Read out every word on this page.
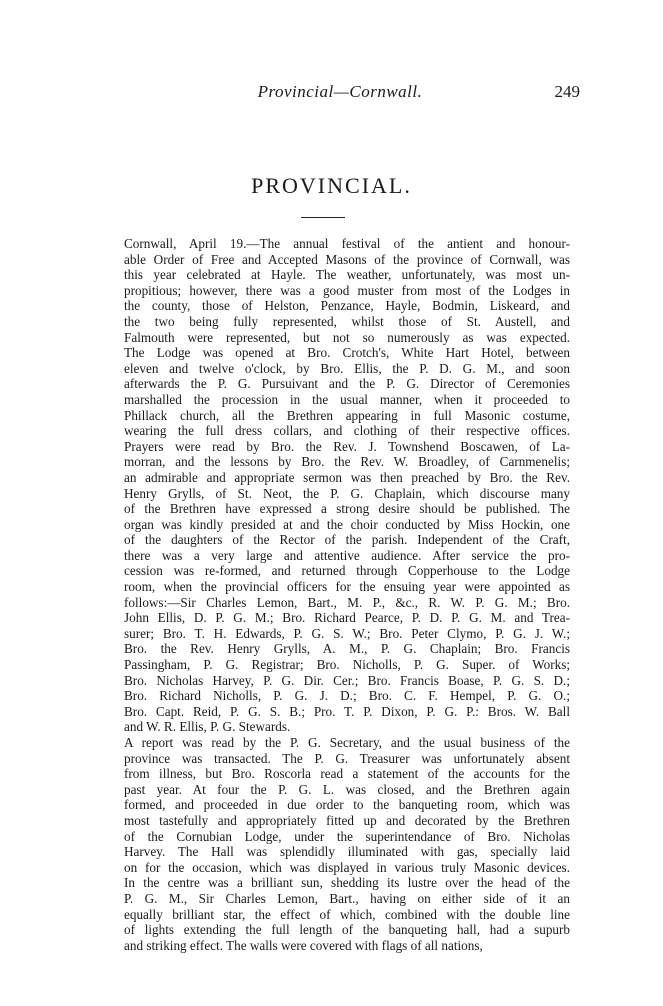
Provincial—Cornwall.	249
PROVINCIAL.
Cornwall, April 19.—The annual festival of the antient and honour-
able Order of Free and Accepted Masons of the province of Cornwall, was
this year celebrated at Hayle. The weather, unfortunately, was most un-
propitious; however, there was a good muster from most of the Lodges in
the county, those of Helston, Penzance, Hayle, Bodmin, Liskeard, and
the two being fully represented, whilst those of St. Austell, and
Falmouth were represented, but not so numerously as was expected.
The Lodge was opened at Bro. Crotch's, White Hart Hotel, between
eleven and twelve o'clock, by Bro. Ellis, the P. D. G. M., and soon
afterwards the P. G. Pursuivant and the P. G. Director of Ceremonies
marshalled the procession in the usual manner, when it proceeded to
Phillack church, all the Brethren appearing in full Masonic costume,
wearing the full dress collars, and clothing of their respective offices.
Prayers were read by Bro. the Rev. J. Townshend Boscawen, of La-
morran, and the lessons by Bro. the Rev. W. Broadley, of Carnmenelis;
an admirable and appropriate sermon was then preached by Bro. the Rev.
Henry Grylls, of St. Neot, the P. G. Chaplain, which discourse many
of the Brethren have expressed a strong desire should be published. The
organ was kindly presided at and the choir conducted by Miss Hockin, one
of the daughters of the Rector of the parish. Independent of the Craft,
there was a very large and attentive audience. After service the pro-
cession was re-formed, and returned through Copperhouse to the Lodge
room, when the provincial officers for the ensuing year were appointed as
follows:—Sir Charles Lemon, Bart., M. P., &c., R. W. P. G. M.; Bro.
John Ellis, D. P. G. M.; Bro. Richard Pearce, P. D. P. G. M. and Trea-
surer; Bro. T. H. Edwards, P. G. S. W.; Bro. Peter Clymo, P. G. J. W.;
Bro. the Rev. Henry Grylls, A. M., P. G. Chaplain; Bro. Francis
Passingham, P. G. Registrar; Bro. Nicholls, P. G. Super. of Works;
Bro. Nicholas Harvey, P. G. Dir. Cer.; Bro. Francis Boase, P. G. S. D.;
Bro. Richard Nicholls, P. G. J. D.; Bro. C. F. Hempel, P. G. O.;
Bro. Capt. Reid, P. G. S. B.; Pro. T. P. Dixon, P. G. P.: Bros. W. Ball
and W. R. Ellis, P. G. Stewards.
A report was read by the P. G. Secretary, and the usual business of the
province was transacted. The P. G. Treasurer was unfortunately absent
from illness, but Bro. Roscorla read a statement of the accounts for the
past year. At four the P. G. L. was closed, and the Brethren again
formed, and proceeded in due order to the banqueting room, which was
most tastefully and appropriately fitted up and decorated by the Brethren
of the Cornubian Lodge, under the superintendance of Bro. Nicholas
Harvey. The Hall was splendidly illuminated with gas, specially laid
on for the occasion, which was displayed in various truly Masonic devices.
In the centre was a brilliant sun, shedding its lustre over the head of the
P. G. M., Sir Charles Lemon, Bart., having on either side of it an
equally brilliant star, the effect of which, combined with the double line
of lights extending the full length of the banqueting hall, had a supurb
and striking effect. The walls were covered with flags of all nations,
